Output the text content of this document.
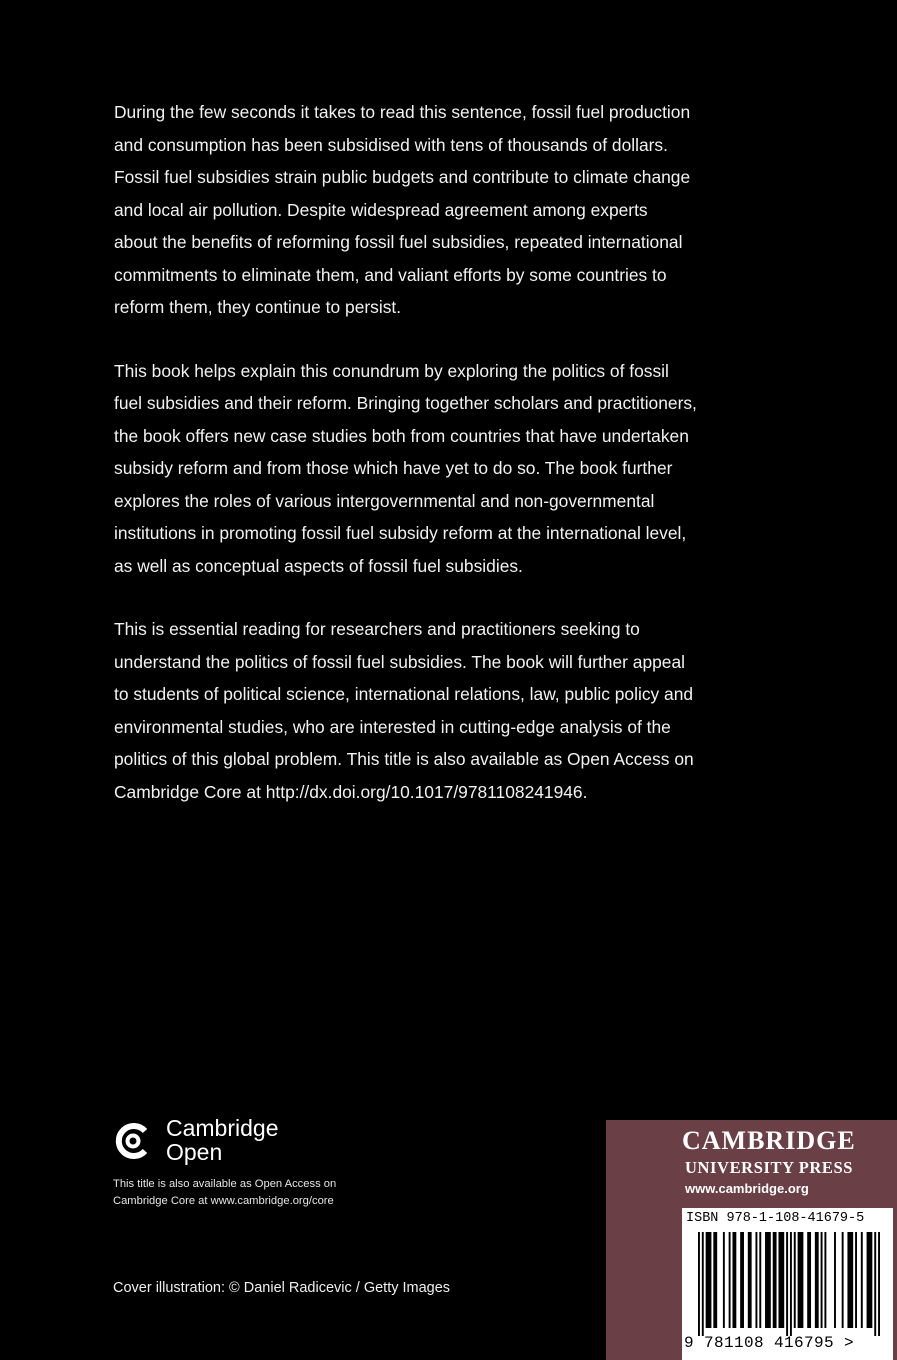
During the few seconds it takes to read this sentence, fossil fuel production
and consumption has been subsidised with tens of thousands of dollars.
Fossil fuel subsidies strain public budgets and contribute to climate change
and local air pollution. Despite widespread agreement among experts
about the benefits of reforming fossil fuel subsidies, repeated international
commitments to eliminate them, and valiant efforts by some countries to
reform them, they continue to persist.

This book helps explain this conundrum by exploring the politics of fossil
fuel subsidies and their reform. Bringing together scholars and practitioners,
the book offers new case studies both from countries that have undertaken
subsidy reform and from those which have yet to do so. The book further
explores the roles of various intergovernmental and non-governmental
institutions in promoting fossil fuel subsidy reform at the international level,
as well as conceptual aspects of fossil fuel subsidies.

This is essential reading for researchers and practitioners seeking to
understand the politics of fossil fuel subsidies. The book will further appeal
to students of political science, international relations, law, public policy and
environmental studies, who are interested in cutting-edge analysis of the
politics of this global problem. This title is also available as Open Access on
Cambridge Core at http://dx.doi.org/10.1017/9781108241946.

Cambridge
Open
This title is also available as Open Access on
Cambridge Core at www.cambridge.org/core
Cover illustration: © Daniel Radicevic / Getty Images
CAMBRIDGE
UNIVERSITY PRESS
www.cambridge.org
ISBN 978-1-108-41679-5
9 781108 416795 >
